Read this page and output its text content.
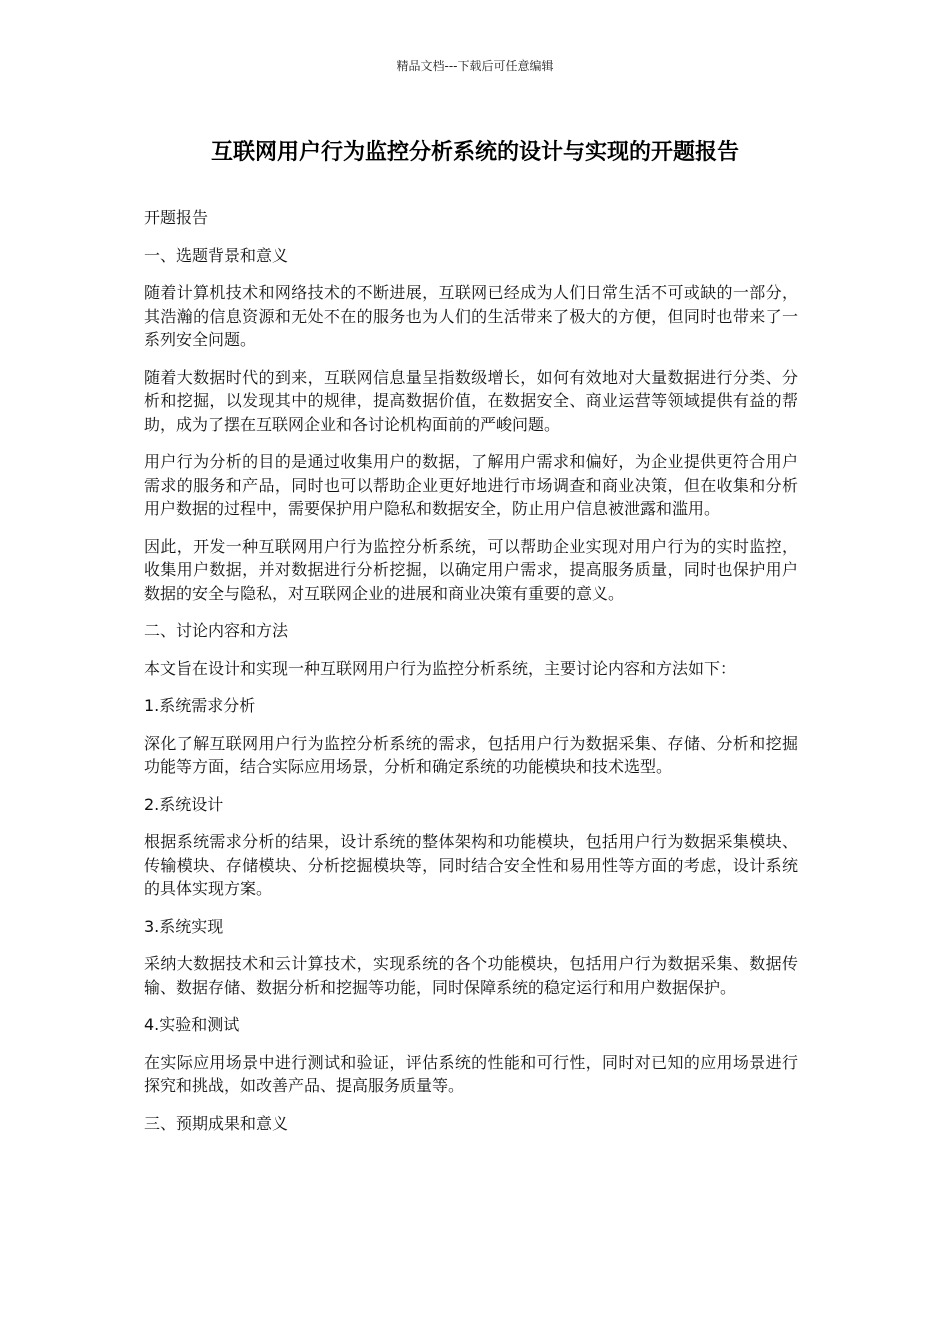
精品文档---下载后可任意编辑
互联网用户行为监控分析系统的设计与实现的开题报告

开题报告

一、选题背景和意义

随着计算机技术和网络技术的不断进展，互联网已经成为人们日常生活不可或缺的一部分，其浩瀚的信息资源和无处不在的服务也为人们的生活带来了极大的方便，但同时也带来了一系列安全问题。

随着大数据时代的到来，互联网信息量呈指数级增长，如何有效地对大量数据进行分类、分析和挖掘，以发现其中的规律，提高数据价值，在数据安全、商业运营等领域提供有益的帮助，成为了摆在互联网企业和各讨论机构面前的严峻问题。

用户行为分析的目的是通过收集用户的数据，了解用户需求和偏好，为企业提供更符合用户需求的服务和产品，同时也可以帮助企业更好地进行市场调查和商业决策，但在收集和分析用户数据的过程中，需要保护用户隐私和数据安全，防止用户信息被泄露和滥用。

因此，开发一种互联网用户行为监控分析系统，可以帮助企业实现对用户行为的实时监控，收集用户数据，并对数据进行分析挖掘，以确定用户需求，提高服务质量，同时也保护用户数据的安全与隐私，对互联网企业的进展和商业决策有重要的意义。

二、讨论内容和方法

本文旨在设计和实现一种互联网用户行为监控分析系统，主要讨论内容和方法如下：

1.系统需求分析

深化了解互联网用户行为监控分析系统的需求，包括用户行为数据采集、存储、分析和挖掘功能等方面，结合实际应用场景，分析和确定系统的功能模块和技术选型。

2.系统设计

根据系统需求分析的结果，设计系统的整体架构和功能模块，包括用户行为数据采集模块、传输模块、存储模块、分析挖掘模块等，同时结合安全性和易用性等方面的考虑，设计系统的具体实现方案。

3.系统实现

采纳大数据技术和云计算技术，实现系统的各个功能模块，包括用户行为数据采集、数据传输、数据存储、数据分析和挖掘等功能，同时保障系统的稳定运行和用户数据保护。

4.实验和测试

在实际应用场景中进行测试和验证，评估系统的性能和可行性，同时对已知的应用场景进行探究和挑战，如改善产品、提高服务质量等。

三、预期成果和意义
